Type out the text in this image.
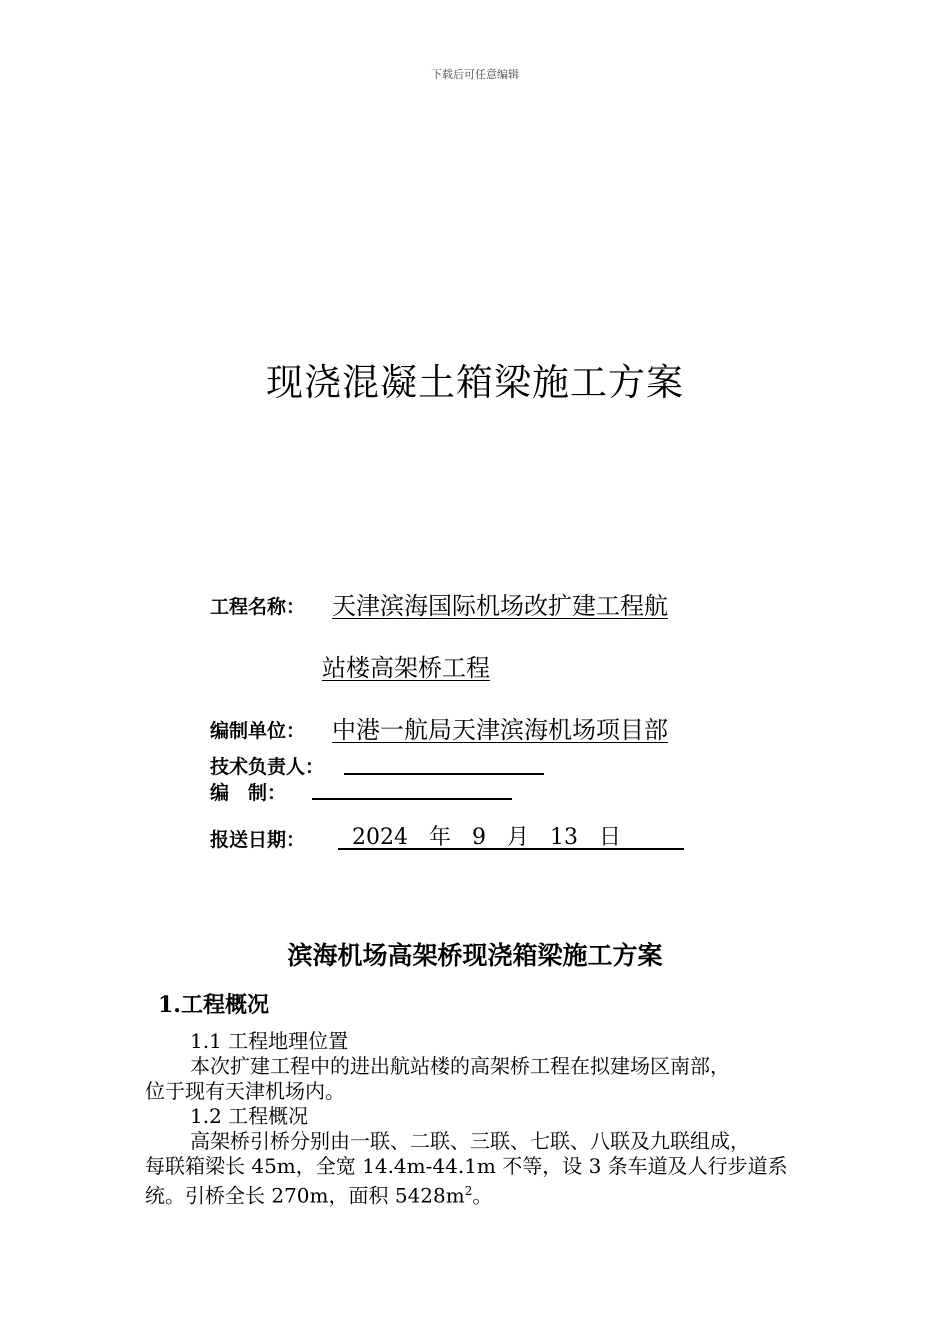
下载后可任意编辑
现浇混凝土箱梁施工方案
工程名称： 天津滨海国际机场改扩建工程航
站楼高架桥工程
编制单位： 中港一航局天津滨海机场项目部
技术负责人：
编　制：
报送日期：	2024 年 9 月 13 日
滨海机场高架桥现浇箱梁施工方案
1.工程概况
1.1 工程地理位置
本次扩建工程中的进出航站楼的高架桥工程在拟建场区南部，
位于现有天津机场内。
1.2 工程概况
高架桥引桥分别由一联、二联、三联、七联、八联及九联组成，
每联箱梁长 45m，全宽 14.4m-44.1m 不等，设 3 条车道及人行步道系
统。引桥全长 270m，面积 $5428m^2$。
